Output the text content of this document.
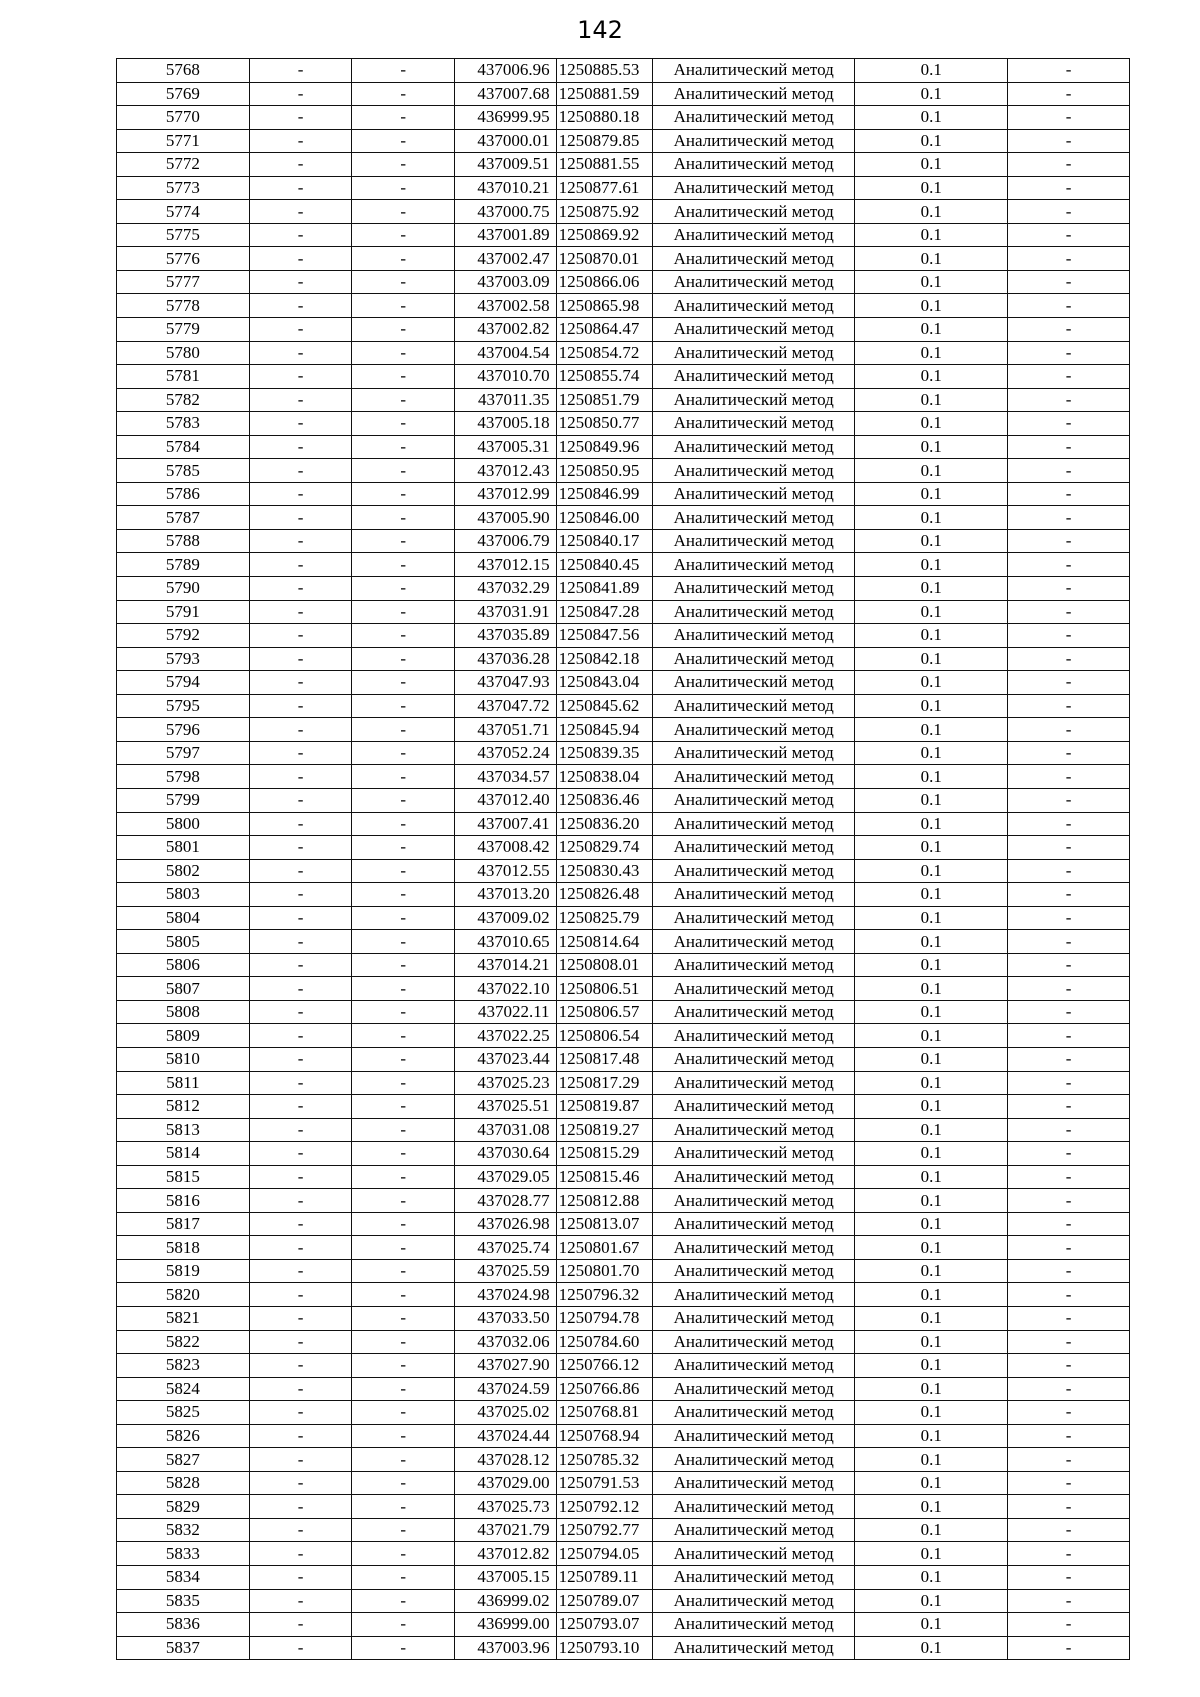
142
5768	-	-	437006.96	1250885.53	Аналитический метод	0.1	-
5769	-	-	437007.68	1250881.59	Аналитический метод	0.1	-
5770	-	-	436999.95	1250880.18	Аналитический метод	0.1	-
5771	-	-	437000.01	1250879.85	Аналитический метод	0.1	-
5772	-	-	437009.51	1250881.55	Аналитический метод	0.1	-
5773	-	-	437010.21	1250877.61	Аналитический метод	0.1	-
5774	-	-	437000.75	1250875.92	Аналитический метод	0.1	-
5775	-	-	437001.89	1250869.92	Аналитический метод	0.1	-
5776	-	-	437002.47	1250870.01	Аналитический метод	0.1	-
5777	-	-	437003.09	1250866.06	Аналитический метод	0.1	-
5778	-	-	437002.58	1250865.98	Аналитический метод	0.1	-
5779	-	-	437002.82	1250864.47	Аналитический метод	0.1	-
5780	-	-	437004.54	1250854.72	Аналитический метод	0.1	-
5781	-	-	437010.70	1250855.74	Аналитический метод	0.1	-
5782	-	-	437011.35	1250851.79	Аналитический метод	0.1	-
5783	-	-	437005.18	1250850.77	Аналитический метод	0.1	-
5784	-	-	437005.31	1250849.96	Аналитический метод	0.1	-
5785	-	-	437012.43	1250850.95	Аналитический метод	0.1	-
5786	-	-	437012.99	1250846.99	Аналитический метод	0.1	-
5787	-	-	437005.90	1250846.00	Аналитический метод	0.1	-
5788	-	-	437006.79	1250840.17	Аналитический метод	0.1	-
5789	-	-	437012.15	1250840.45	Аналитический метод	0.1	-
5790	-	-	437032.29	1250841.89	Аналитический метод	0.1	-
5791	-	-	437031.91	1250847.28	Аналитический метод	0.1	-
5792	-	-	437035.89	1250847.56	Аналитический метод	0.1	-
5793	-	-	437036.28	1250842.18	Аналитический метод	0.1	-
5794	-	-	437047.93	1250843.04	Аналитический метод	0.1	-
5795	-	-	437047.72	1250845.62	Аналитический метод	0.1	-
5796	-	-	437051.71	1250845.94	Аналитический метод	0.1	-
5797	-	-	437052.24	1250839.35	Аналитический метод	0.1	-
5798	-	-	437034.57	1250838.04	Аналитический метод	0.1	-
5799	-	-	437012.40	1250836.46	Аналитический метод	0.1	-
5800	-	-	437007.41	1250836.20	Аналитический метод	0.1	-
5801	-	-	437008.42	1250829.74	Аналитический метод	0.1	-
5802	-	-	437012.55	1250830.43	Аналитический метод	0.1	-
5803	-	-	437013.20	1250826.48	Аналитический метод	0.1	-
5804	-	-	437009.02	1250825.79	Аналитический метод	0.1	-
5805	-	-	437010.65	1250814.64	Аналитический метод	0.1	-
5806	-	-	437014.21	1250808.01	Аналитический метод	0.1	-
5807	-	-	437022.10	1250806.51	Аналитический метод	0.1	-
5808	-	-	437022.11	1250806.57	Аналитический метод	0.1	-
5809	-	-	437022.25	1250806.54	Аналитический метод	0.1	-
5810	-	-	437023.44	1250817.48	Аналитический метод	0.1	-
5811	-	-	437025.23	1250817.29	Аналитический метод	0.1	-
5812	-	-	437025.51	1250819.87	Аналитический метод	0.1	-
5813	-	-	437031.08	1250819.27	Аналитический метод	0.1	-
5814	-	-	437030.64	1250815.29	Аналитический метод	0.1	-
5815	-	-	437029.05	1250815.46	Аналитический метод	0.1	-
5816	-	-	437028.77	1250812.88	Аналитический метод	0.1	-
5817	-	-	437026.98	1250813.07	Аналитический метод	0.1	-
5818	-	-	437025.74	1250801.67	Аналитический метод	0.1	-
5819	-	-	437025.59	1250801.70	Аналитический метод	0.1	-
5820	-	-	437024.98	1250796.32	Аналитический метод	0.1	-
5821	-	-	437033.50	1250794.78	Аналитический метод	0.1	-
5822	-	-	437032.06	1250784.60	Аналитический метод	0.1	-
5823	-	-	437027.90	1250766.12	Аналитический метод	0.1	-
5824	-	-	437024.59	1250766.86	Аналитический метод	0.1	-
5825	-	-	437025.02	1250768.81	Аналитический метод	0.1	-
5826	-	-	437024.44	1250768.94	Аналитический метод	0.1	-
5827	-	-	437028.12	1250785.32	Аналитический метод	0.1	-
5828	-	-	437029.00	1250791.53	Аналитический метод	0.1	-
5829	-	-	437025.73	1250792.12	Аналитический метод	0.1	-
5832	-	-	437021.79	1250792.77	Аналитический метод	0.1	-
5833	-	-	437012.82	1250794.05	Аналитический метод	0.1	-
5834	-	-	437005.15	1250789.11	Аналитический метод	0.1	-
5835	-	-	436999.02	1250789.07	Аналитический метод	0.1	-
5836	-	-	436999.00	1250793.07	Аналитический метод	0.1	-
5837	-	-	437003.96	1250793.10	Аналитический метод	0.1	-
